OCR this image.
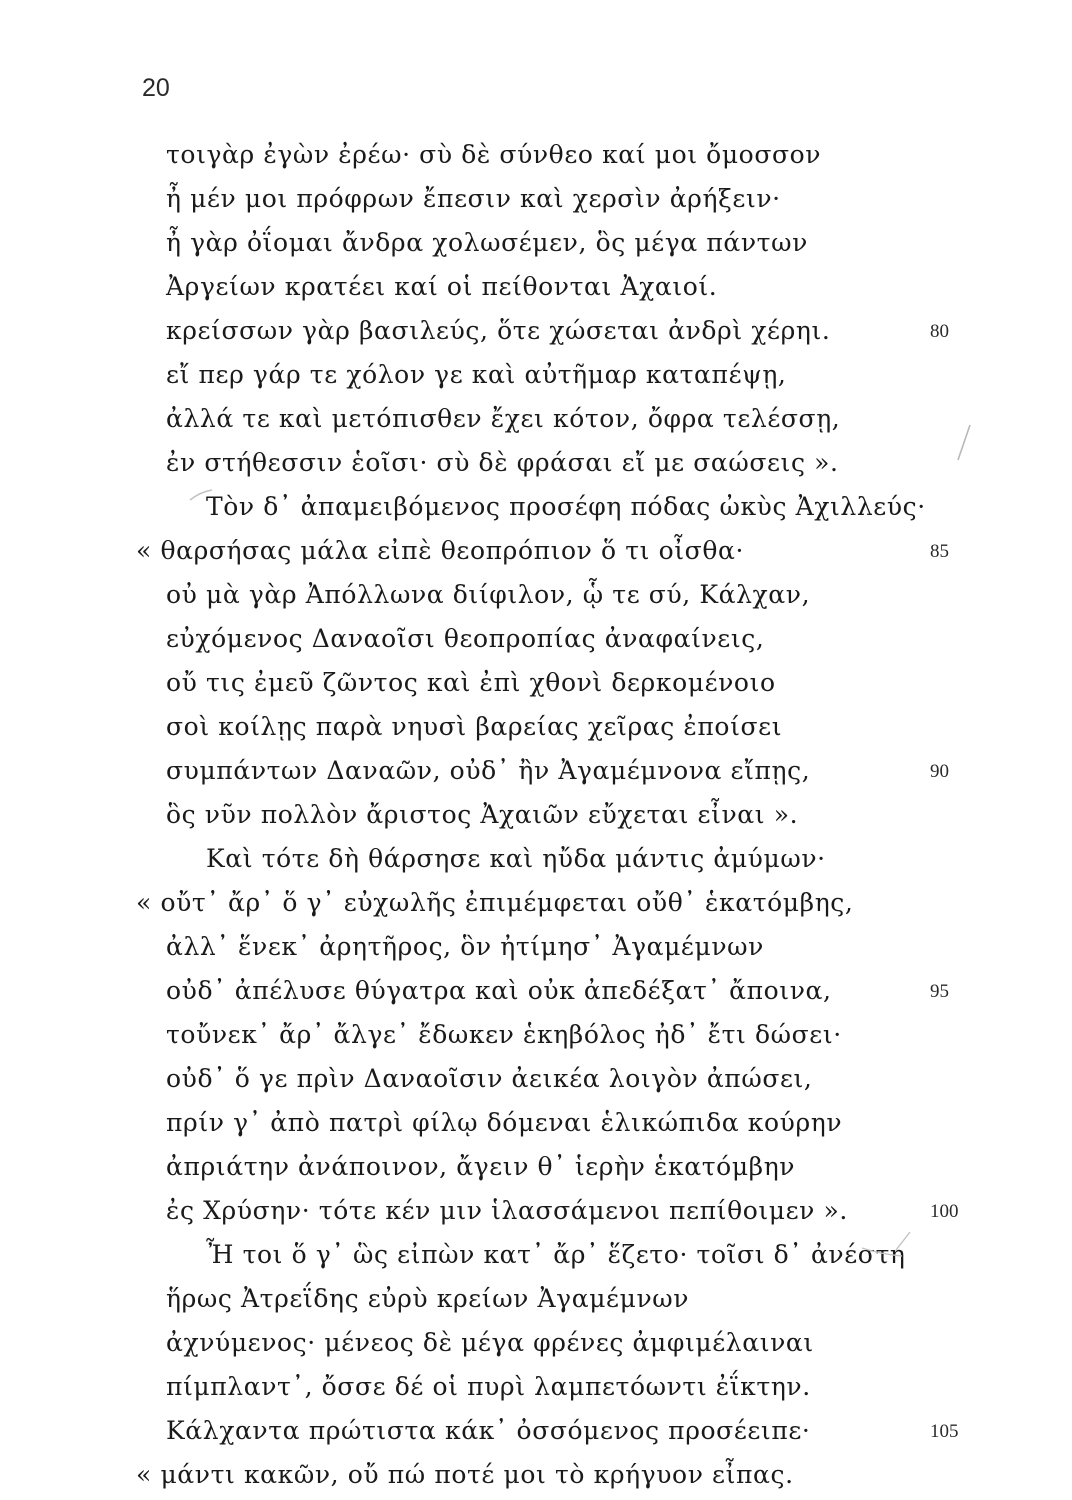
20
τοιγὰρ ἐγὼν ἐρέω· σὺ δὲ σύνθεο καί μοι ὄμοσσον
ἦ μέν μοι πρόφρων ἔπεσιν καὶ χερσὶν ἀρήξειν·
ἦ γὰρ ὀΐομαι ἄνδρα χολωσέμεν, ὃς μέγα πάντων
Ἀργείων κρατέει καί οἱ πείθονται Ἀχαιοί.
κρείσσων γὰρ βασιλεύς, ὅτε χώσεται ἀνδρὶ χέρηι.
εἴ περ γάρ τε χόλον γε καὶ αὐτῆμαρ καταπέψῃ,
ἀλλά τε καὶ μετόπισθεν ἔχει κότον, ὄφρα τελέσσῃ,
ἐν στήθεσσιν ἑοῖσι· σὺ δὲ φράσαι εἴ με σαώσεις ».
Τὸν δ᾽ ἀπαμειβόμενος προσέφη πόδας ὠκὺς Ἀχιλλεύς·
« θαρσήσας μάλα εἰπὲ θεοπρόπιον ὅ τι οἶσθα·
οὐ μὰ γὰρ Ἀπόλλωνα διίφιλον, ᾧ τε σύ, Κάλχαν,
εὐχόμενος Δαναοῖσι θεοπροπίας ἀναφαίνεις,
οὔ τις ἐμεῦ ζῶντος καὶ ἐπὶ χθονὶ δερκομένοιο
σοὶ κοίλῃς παρὰ νηυσὶ βαρείας χεῖρας ἐποίσει
συμπάντων Δαναῶν, οὐδ᾽ ἢν Ἀγαμέμνονα εἴπῃς,
ὃς νῦν πολλὸν ἄριστος Ἀχαιῶν εὔχεται εἶναι ».
Καὶ τότε δὴ θάρσησε καὶ ηὔδα μάντις ἀμύμων·
« οὔτ᾽ ἄρ᾽ ὅ γ᾽ εὐχωλῆς ἐπιμέμφεται οὔθ᾽ ἑκατόμβης,
ἀλλ᾽ ἕνεκ᾽ ἀρητῆρος, ὃν ἠτίμησ᾽ Ἀγαμέμνων
οὐδ᾽ ἀπέλυσε θύγατρα καὶ οὐκ ἀπεδέξατ᾽ ἄποινα,
τοὔνεκ᾽ ἄρ᾽ ἄλγε᾽ ἔδωκεν ἑκηβόλος ἠδ᾽ ἔτι δώσει·
οὐδ᾽ ὅ γε πρὶν Δαναοῖσιν ἀεικέα λοιγὸν ἀπώσει,
πρίν γ᾽ ἀπὸ πατρὶ φίλῳ δόμεναι ἑλικώπιδα κούρην
ἀπριάτην ἀνάποινον, ἄγειν θ᾽ ἱερὴν ἑκατόμβην
ἐς Χρύσην· τότε κέν μιν ἱλασσάμενοι πεπίθοιμεν ».
Ἦ τοι ὅ γ᾽ ὣς εἰπὼν κατ᾽ ἄρ᾽ ἕζετο· τοῖσι δ᾽ ἀνέστη
ἥρως Ἀτρεΐδης εὐρὺ κρείων Ἀγαμέμνων
ἀχνύμενος· μένεος δὲ μέγα φρένες ἀμφιμέλαιναι
πίμπλαντ᾽, ὄσσε δέ οἱ πυρὶ λαμπετόωντι ἐΐκτην.
Κάλχαντα πρώτιστα κάκ᾽ ὀσσόμενος προσέειπε·
« μάντι κακῶν, οὔ πώ ποτέ μοι τὸ κρήγυον εἶπας.
80
85
90
95
100
105
